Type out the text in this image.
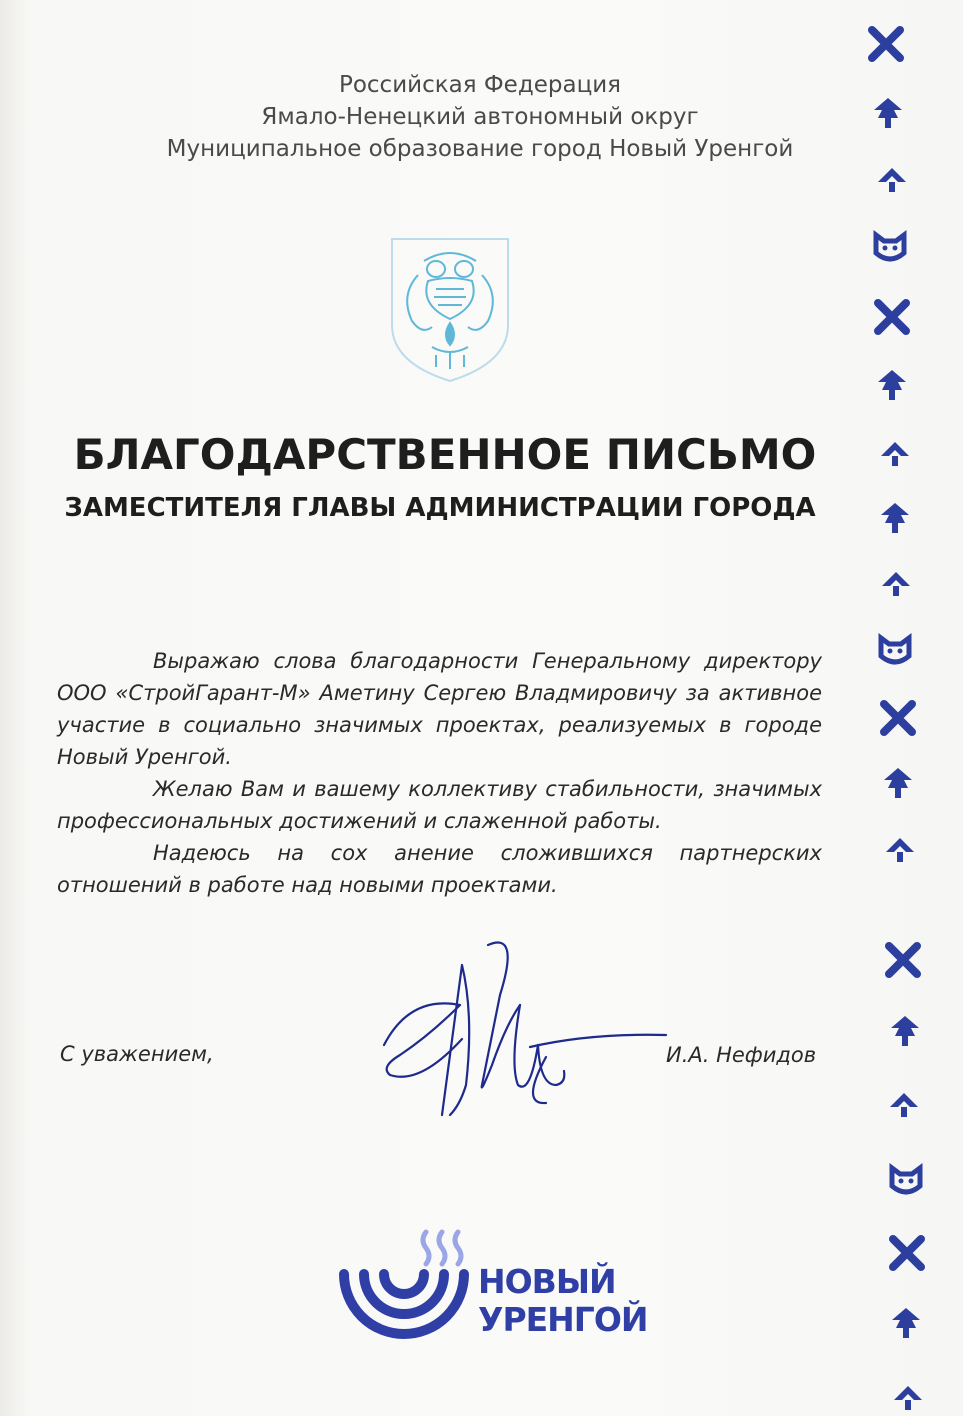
Российская Федерация
Ямало-Ненецкий автономный округ
Муниципальное образование город Новый Уренгой
БЛАГОДАРСТВЕННОЕ ПИСЬМО
ЗАМЕСТИТЕЛЯ ГЛАВЫ АДМИНИСТРАЦИИ ГОРОДА

Выражаю слова благодарности Генеральному директору ООО «СтройГарант-М» Аметину Сергею Владмировичу за активное участие в социально значимых проектах, реализуемых в городе Новый Уренгой.

Желаю Вам и вашему коллективу стабильности, значимых профессиональных достижений и слаженной работы.

Надеюсь на сох анение сложившихся партнерских отношений в работе над новыми проектами.

С уважением,	И.А. Нефидов
НОВЫЙ
УРЕНГОЙ
